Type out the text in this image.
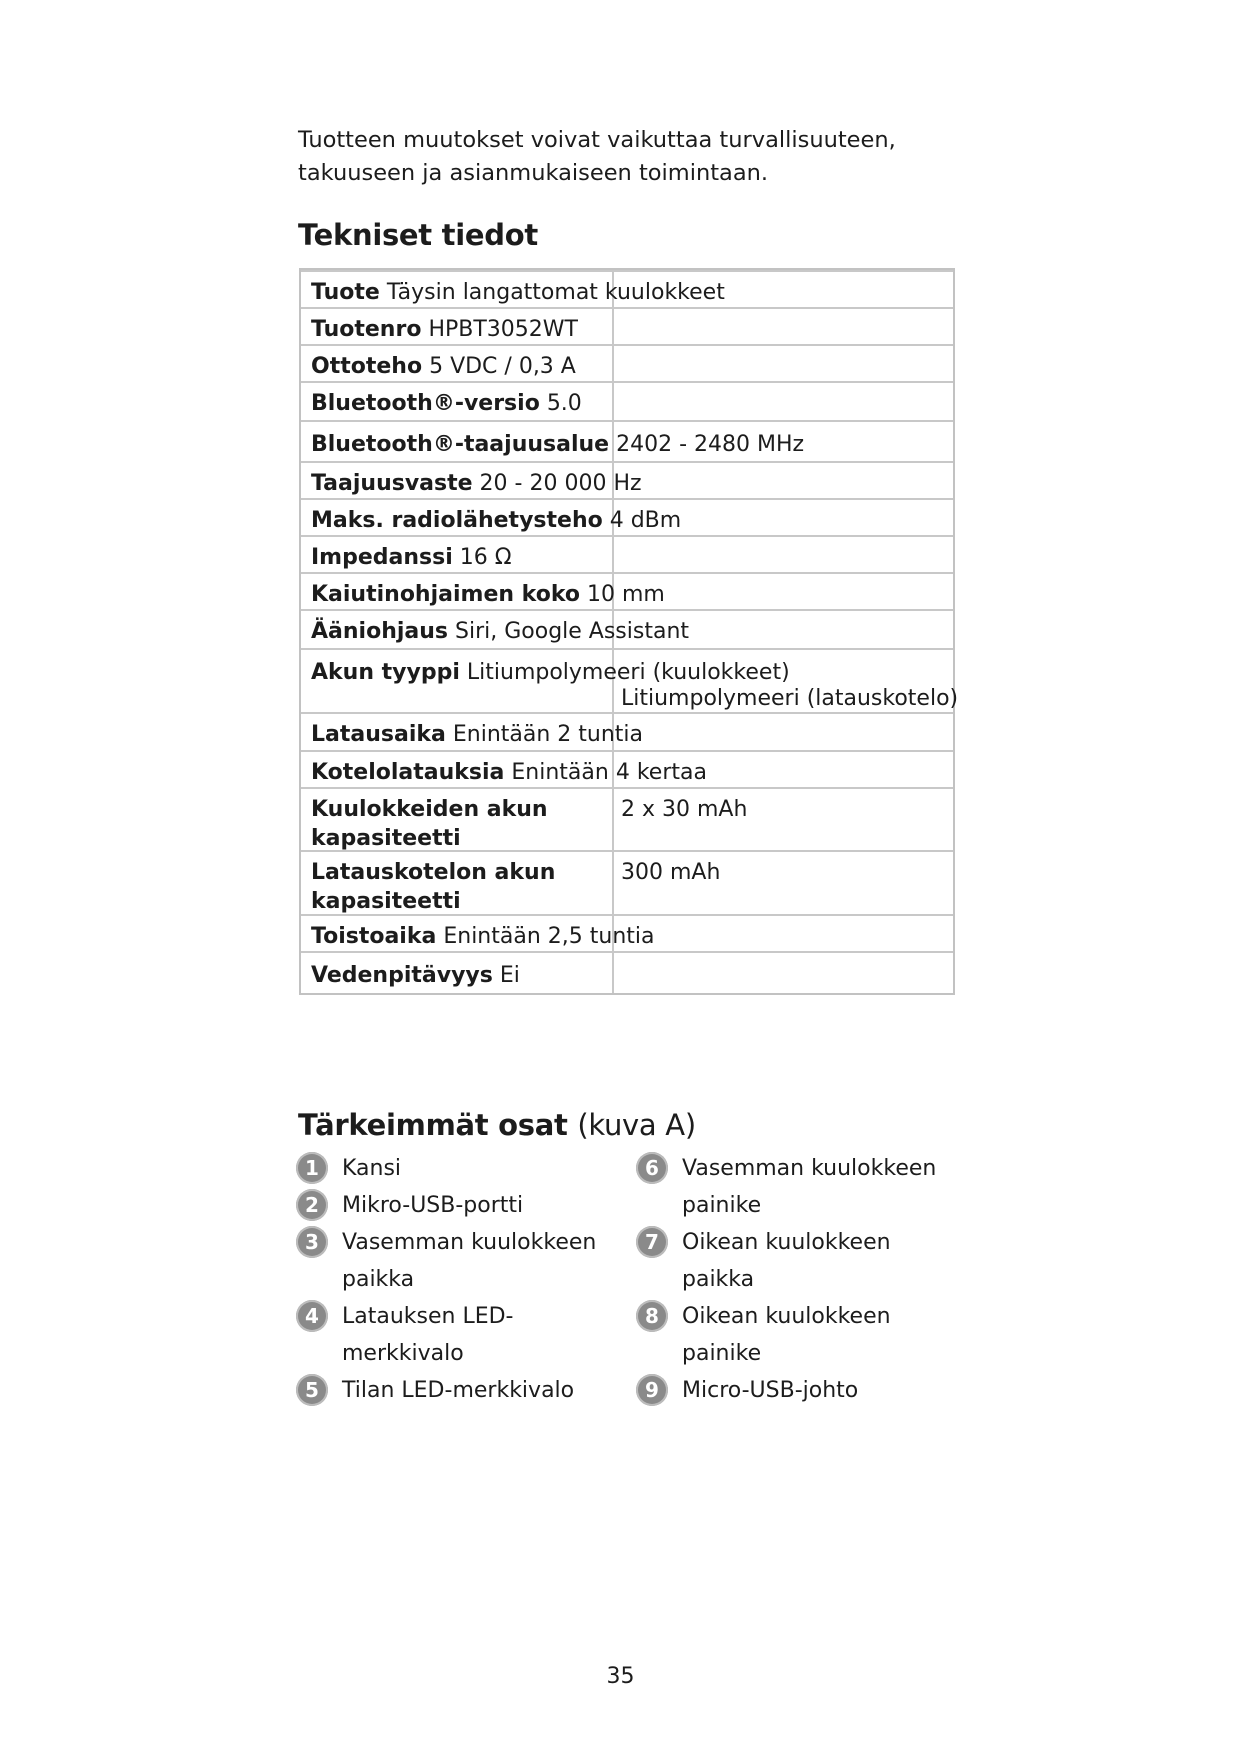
Tuotteen muutokset voivat vaikuttaa turvallisuuteen,
takuuseen ja asianmukaiseen toimintaan.

Tekniset tiedot
Tuote Täysin langattomat kuulokkeet
Tuotenro HPBT3052WT
Ottoteho 5 VDC / 0,3 A
Bluetooth®-versio 5.0
Bluetooth®-taajuusalue 2402 - 2480 MHz
Taajuusvaste 20 - 20 000 Hz
Maks. radiolähetysteho 4 dBm
Impedanssi 16 Ω
Kaiutinohjaimen koko 10 mm
Ääniohjaus Siri, Google Assistant
Akun tyyppi Litiumpolymeeri (kuulokkeet)
Litiumpolymeeri (latauskotelo)
Latausaika Enintään 2 tuntia
Kotelolatauksia Enintään 4 kertaa
Kuulokkeiden akun kapasiteetti
2 x 30 mAh
Latauskotelon akun kapasiteetti
300 mAh
Toistoaika Enintään 2,5 tuntia
Vedenpitävyys Ei
Tärkeimmät osat (kuva A)
1	Kansi
2	Mikro-USB-portti
3	Vasemman kuulokkeen
paikka
4	Latauksen LED-
merkkivalo
5	Tilan LED-merkkivalo
6	Vasemman kuulokkeen
painike
7	Oikean kuulokkeen
paikka
8	Oikean kuulokkeen
painike
9	Micro-USB-johto
35
